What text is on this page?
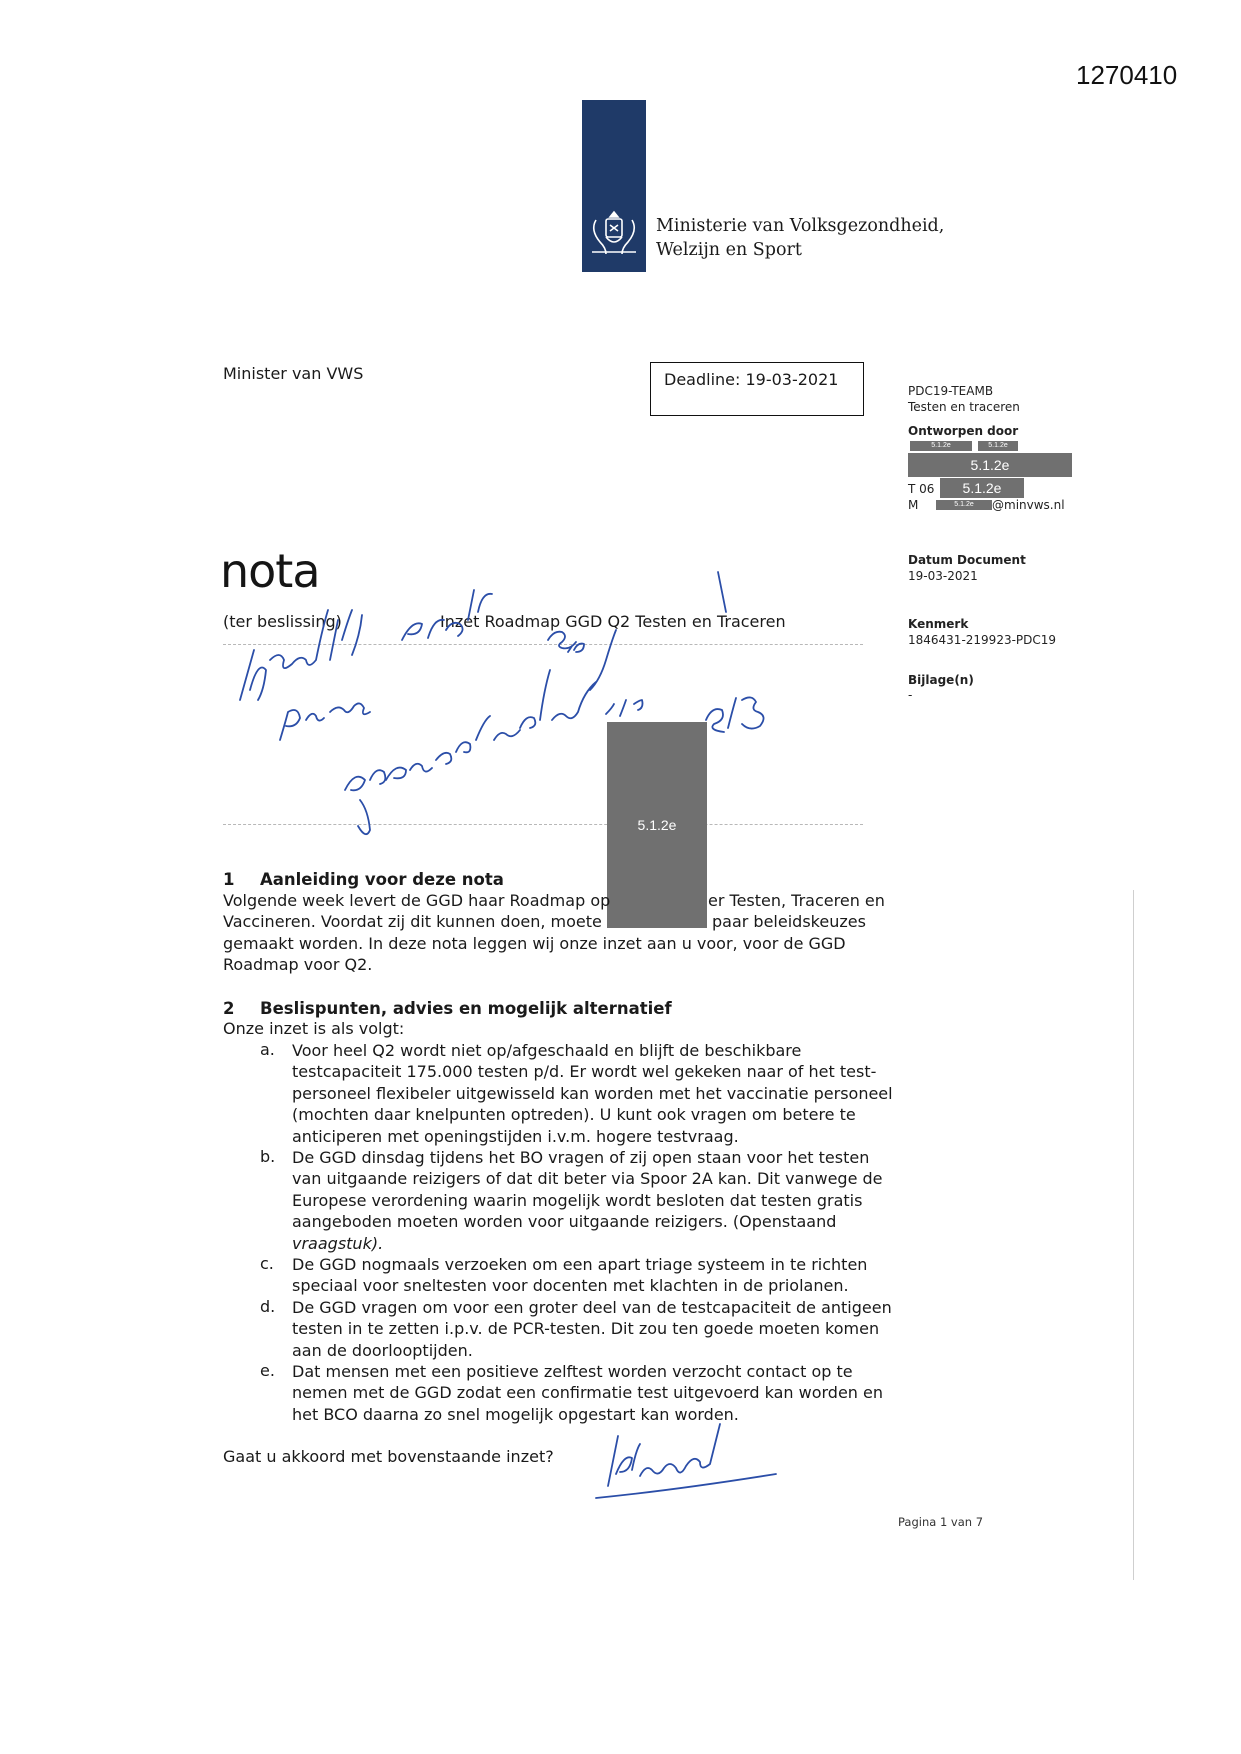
1270410
Ministerie van Volksgezondheid,
Welzijn en Sport
Minister van VWS	Deadline: 19-03-2021
PDC19-TEAMB
Testen en traceren
Ontworpen door
5.1.2e	5.1.2e
5.1.2e
T 06	5.1.2e
M	5.1.2e	@minvws.nl
Datum Document
19-03-2021
Kenmerk
1846431-219923-PDC19
Bijlage(n)
-
nota
(ter beslissing)	Inzet Roadmap GGD Q2 Testen en Traceren
5.1.2e
1 Aanleiding voor deze nota
Volgende week levert de GGD haar Roadmap op
Vaccineren. Voordat zij dit kunnen doen, moete
gemaakt worden. In deze nota leggen wij onze inzet aan u voor, voor de GGD
Roadmap voor Q2.
er Testen, Traceren en
paar beleidskeuzes
2 Beslispunten, advies en mogelijk alternatief
Onze inzet is als volgt:
a. Voor heel Q2 wordt niet op/afgeschaald en blijft de beschikbare
testcapaciteit 175.000 testen p/d. Er wordt wel gekeken naar of het test-
personeel flexibeler uitgewisseld kan worden met het vaccinatie personeel
(mochten daar knelpunten optreden). U kunt ook vragen om betere te
anticiperen met openingstijden i.v.m. hogere testvraag.
b. De GGD dinsdag tijdens het BO vragen of zij open staan voor het testen
van uitgaande reizigers of dat dit beter via Spoor 2A kan. Dit vanwege de
Europese verordening waarin mogelijk wordt besloten dat testen gratis
aangeboden moeten worden voor uitgaande reizigers. (Openstaand
vraagstuk).
c. De GGD nogmaals verzoeken om een apart triage systeem in te richten
speciaal voor sneltesten voor docenten met klachten in de priolanen.
d. De GGD vragen om voor een groter deel van de testcapaciteit de antigeen
testen in te zetten i.p.v. de PCR-testen. Dit zou ten goede moeten komen
aan de doorlooptijden.
e. Dat mensen met een positieve zelftest worden verzocht contact op te
nemen met de GGD zodat een confirmatie test uitgevoerd kan worden en
het BCO daarna zo snel mogelijk opgestart kan worden.
Gaat u akkoord met bovenstaande inzet?
Pagina 1 van 7
